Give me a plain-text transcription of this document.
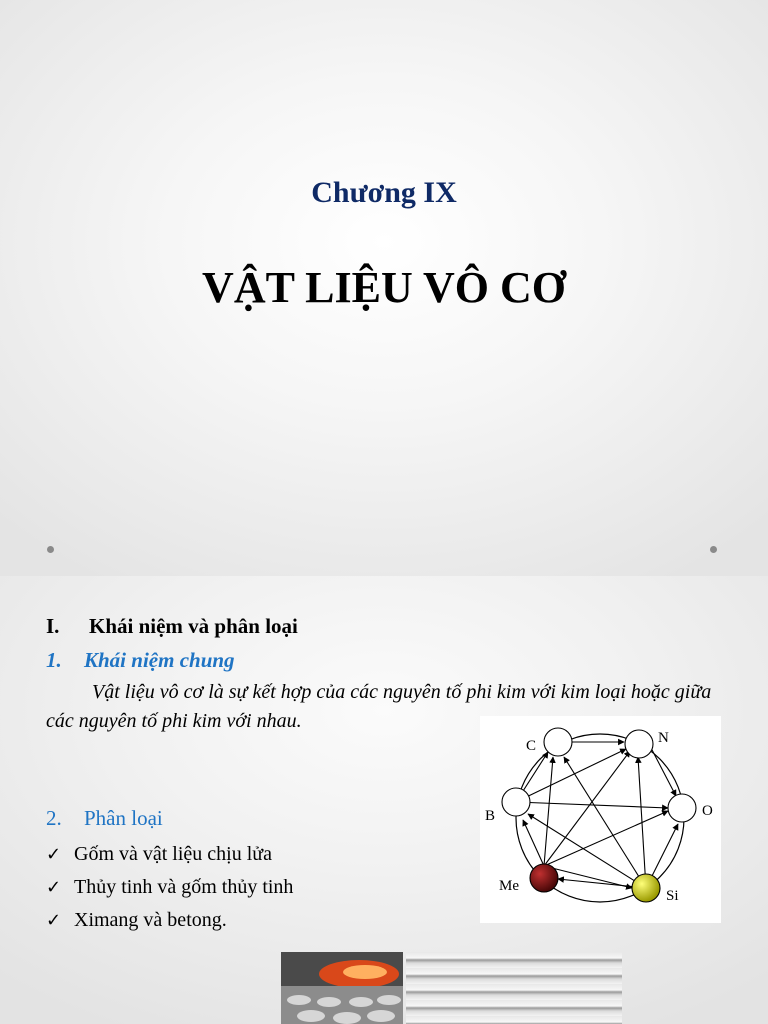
Chương IX
VẬT LIỆU VÔ CƠ
I. Khái niệm và phân loại
1. Khái niệm chung
Vật liệu vô cơ là sự kết hợp của các nguyên tố phi kim với kim loại hoặc giữa các nguyên tố phi kim với nhau.
2. Phân loại
✓ Gốm và vật liệu chịu lửa
✓ Thủy tinh và gốm thủy tinh
✓ Ximang và betong.
C	N
B	O
Me
Si
